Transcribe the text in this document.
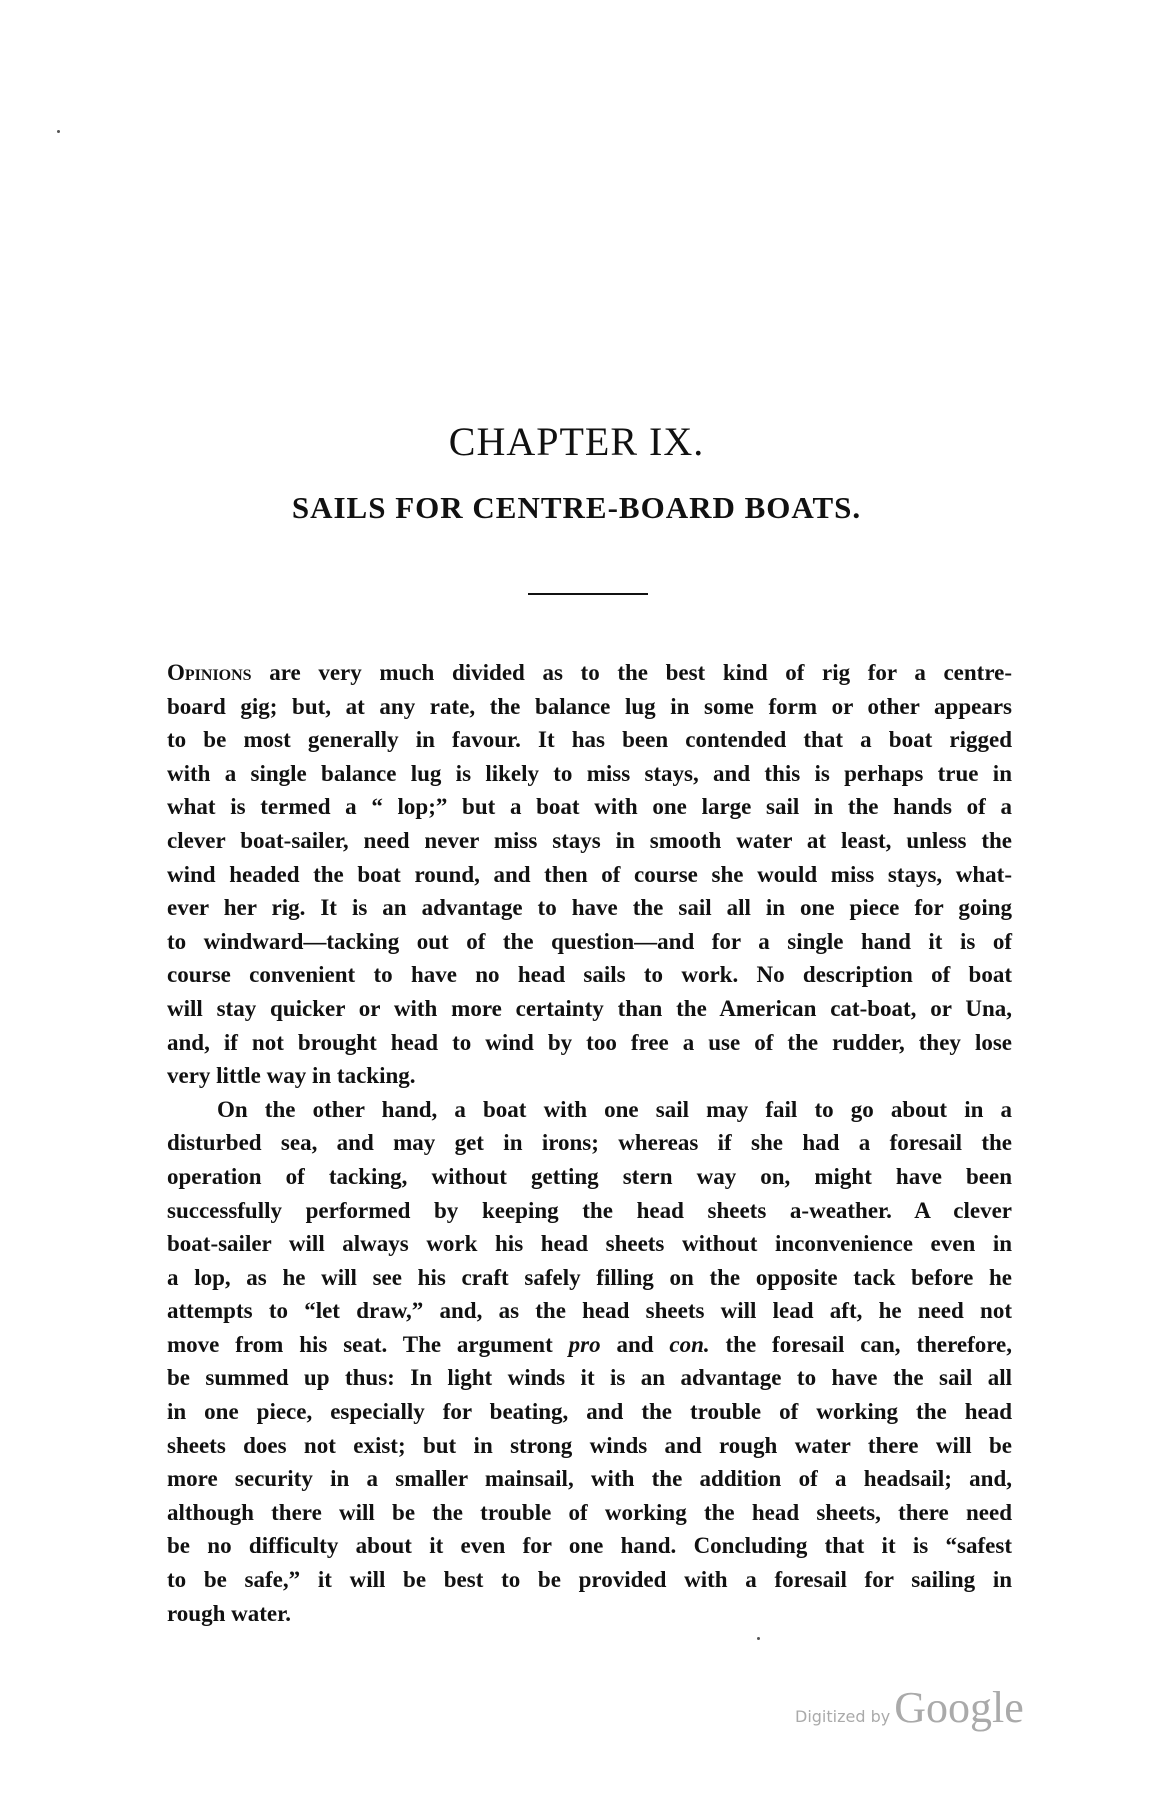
CHAPTER IX.
SAILS FOR CENTRE-BOARD BOATS.
Opinions are very much divided as to the best kind of rig for a centre-
board gig; but, at any rate, the balance lug in some form or other appears
to be most generally in favour. It has been contended that a boat rigged
with a single balance lug is likely to miss stays, and this is perhaps true in
what is termed a “ lop;” but a boat with one large sail in the hands of a
clever boat-sailer, need never miss stays in smooth water at least, unless the
wind headed the boat round, and then of course she would miss stays, what-
ever her rig. It is an advantage to have the sail all in one piece for going
to windward—tacking out of the question—and for a single hand it is of
course convenient to have no head sails to work. No description of boat
will stay quicker or with more certainty than the American cat-boat, or Una,
and, if not brought head to wind by too free a use of the rudder, they lose
very little way in tacking.
On the other hand, a boat with one sail may fail to go about in a
disturbed sea, and may get in irons; whereas if she had a foresail the
operation of tacking, without getting stern way on, might have been
successfully performed by keeping the head sheets a-weather. A clever
boat-sailer will always work his head sheets without inconvenience even in
a lop, as he will see his craft safely filling on the opposite tack before he
attempts to “let draw,” and, as the head sheets will lead aft, he need not
move from his seat. The argument pro and con. the foresail can, therefore,
be summed up thus: In light winds it is an advantage to have the sail all
in one piece, especially for beating, and the trouble of working the head
sheets does not exist; but in strong winds and rough water there will be
more security in a smaller mainsail, with the addition of a headsail; and,
although there will be the trouble of working the head sheets, there need
be no difficulty about it even for one hand. Concluding that it is “safest
to be safe,” it will be best to be provided with a foresail for sailing in
rough water.
Digitized by Google
